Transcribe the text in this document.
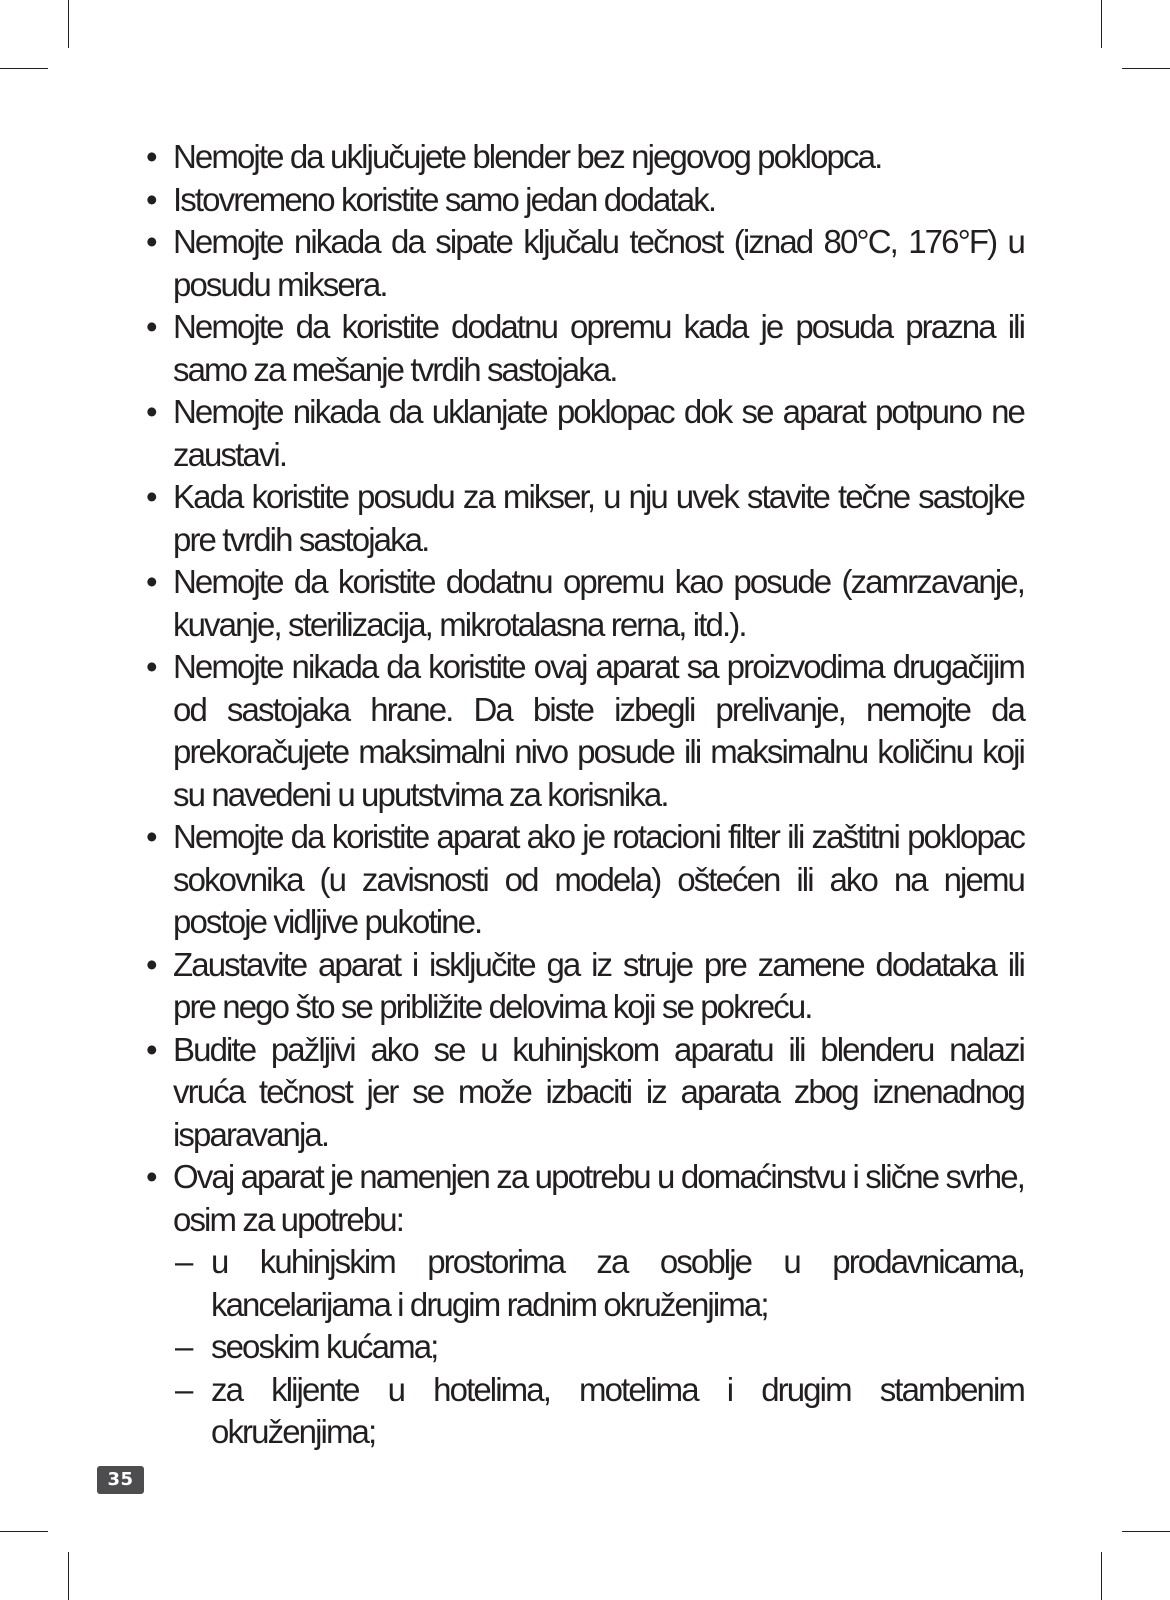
• Nemojte da uključujete blender bez njegovog poklopca.
• Istovremeno koristite samo jedan dodatak.
• Nemojte nikada da sipate ključalu tečnost (iznad 80°C, 176°F) u posudu miksera.
• Nemojte da koristite dodatnu opremu kada je posuda prazna ili samo za mešanje tvrdih sastojaka.
• Nemojte nikada da uklanjate poklopac dok se aparat potpuno ne zaustavi.
• Kada koristite posudu za mikser, u nju uvek stavite tečne sastojke pre tvrdih sastojaka.
• Nemojte da koristite dodatnu opremu kao posude (zamrzavanje, kuvanje, sterilizacija, mikrotalasna rerna, itd.).
• Nemojte nikada da koristite ovaj aparat sa proizvodima drugačijim od sastojaka hrane. Da biste izbegli prelivanje, nemojte da prekoračujete maksimalni nivo posude ili maksimalnu količinu koji su navedeni u uputstvima za korisnika.
• Nemojte da koristite aparat ako je rotacioni filter ili zaštitni poklopac sokovnika (u zavisnosti od modela) oštećen ili ako na njemu postoje vidljive pukotine.
• Zaustavite aparat i isključite ga iz struje pre zamene dodataka ili pre nego što se približite delovima koji se pokreću.
• Budite pažljivi ako se u kuhinjskom aparatu ili blenderu nalazi vruća tečnost jer se može izbaciti iz aparata zbog iznenadnog isparavanja.
• Ovaj aparat je namenjen za upotrebu u domaćinstvu i slične svrhe, osim za upotrebu:
– u kuhinjskim prostorima za osoblje u prodavnicama, kancelarijama i drugim radnim okruženjima;
– seoskim kućama;
– za klijente u hotelima, motelima i drugim stambenim okruženjima;
35
